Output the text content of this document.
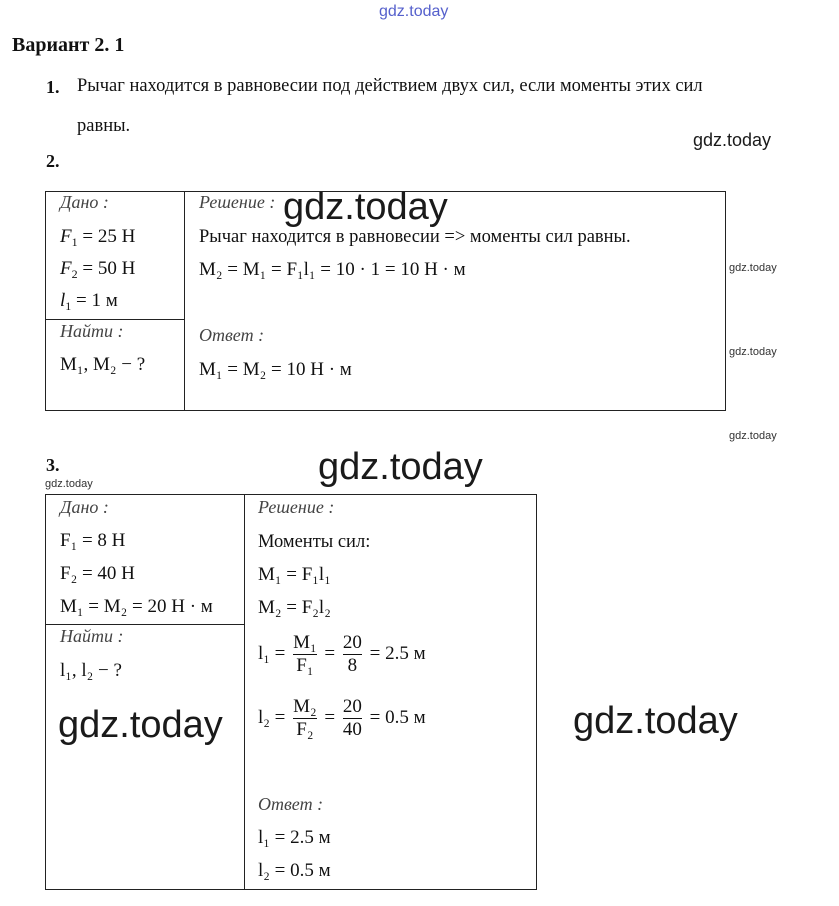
gdz.today
gdz.today
gdz.today
gdz.today
gdz.today
gdz.today
gdz.today
gdz.today
gdz.today	gdz.today
Вариант 2. 1
1. Рычаг находится в равновесии под действием двух сил, если моменты этих сил
равны.
2.
Дано :
$F_1 = 25$ Н
$F_2 = 50$ Н
$l_1 = 1$ м
Найти :
M₁, M₂ − ?
Решение :
Рычаг находится в равновесии => моменты сил равны.
M₂ = M₁ = F₁l₁ = 10 · 1 = 10 Н · м
Ответ :
M₁ = M₂ = 10 Н · м
3.
Дано :
F₁ = 8 Н
F₂ = 40 Н
M₁ = M₂ = 20 Н · м
Найти :
l₁, l₂ − ?
Решение :
Моменты сил:
M₁ = F₁l₁
M₂ = F₂l₂
$l_1 = \frac{\text{M₁}}{\text{F₁}} = \frac{20}{8} = 2.5$ м
$l_2 = \frac{\text{M₂}}{\text{F₂}} = \frac{20}{40} = 0.5$ м
Ответ :
l₁ = 2.5 м
l₂ = 0.5 м
